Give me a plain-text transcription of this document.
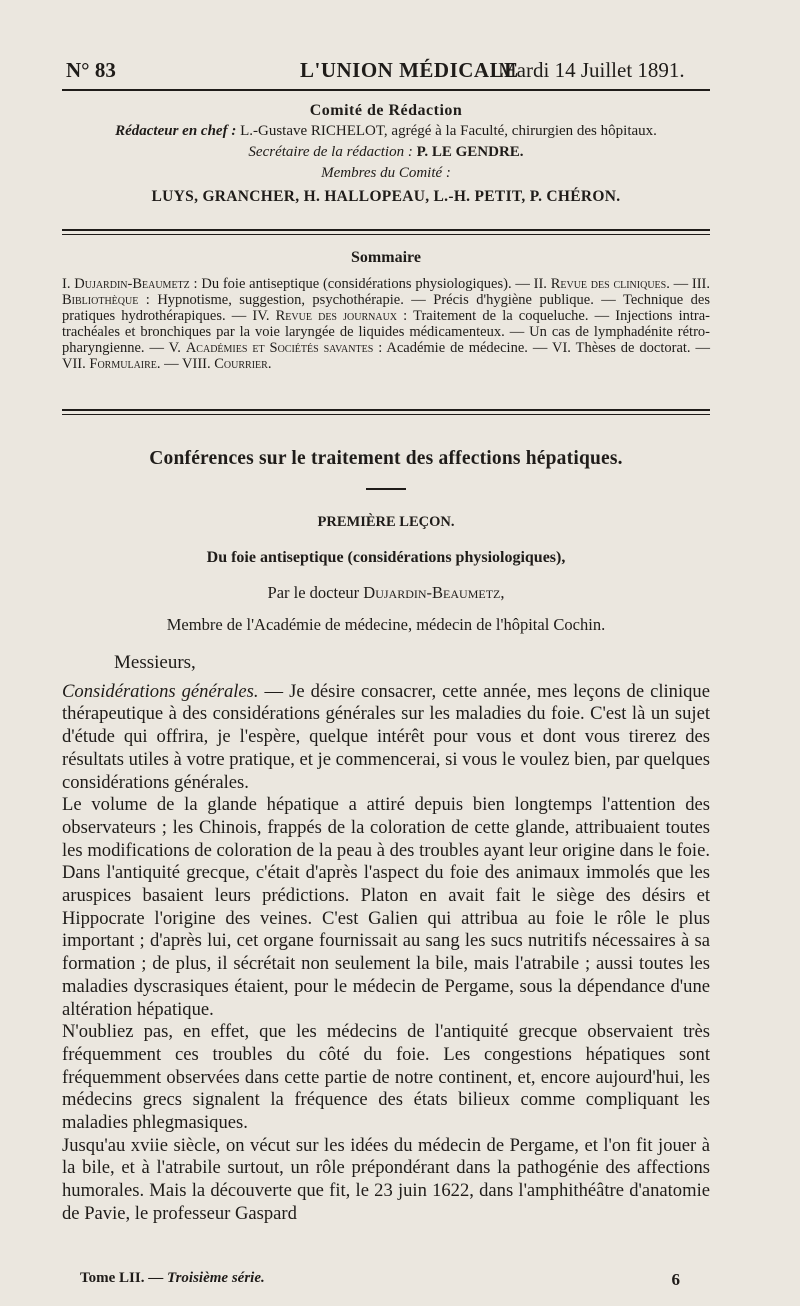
N° 83	L'UNION MÉDICALE
Mardi 14 Juillet 1891.
Comité de Rédaction
Rédacteur en chef : L.-Gustave RICHELOT, agrégé à la Faculté, chirurgien des hôpitaux.
Secrétaire de la rédaction : P. LE GENDRE.
Membres du Comité :
LUYS, GRANCHER, H. HALLOPEAU, L.-H. PETIT, P. CHÉRON.
Sommaire
I. Dujardin-Beaumetz : Du foie antiseptique (considérations physiologiques). — II. Revue des cliniques. — III. Bibliothèque : Hypnotisme, suggestion, psychothérapie. — Précis d'hygiène publique. — Technique des pratiques hydrothérapiques. — IV. Revue des journaux : Traitement de la coqueluche. — Injections intra-trachéales et bronchiques par la voie laryngée de liquides médicamenteux. — Un cas de lymphadénite rétro-pharyngienne. — V. Académies et Sociétés savantes : Académie de médecine. — VI. Thèses de doctorat. — VII. Formulaire. — VIII. Courrier.
Conférences sur le traitement des affections hépatiques.
PREMIÈRE LEÇON.
Du foie antiseptique (considérations physiologiques),
Par le docteur Dujardin-Beaumetz,
Membre de l'Académie de médecine, médecin de l'hôpital Cochin.

Messieurs,

Considérations générales. — Je désire consacrer, cette année, mes leçons de clinique thérapeutique à des considérations générales sur les maladies du foie. C'est là un sujet d'étude qui offrira, je l'espère, quelque intérêt pour vous et dont vous tirerez des résultats utiles à votre pratique, et je commencerai, si vous le voulez bien, par quelques considérations générales.

Le volume de la glande hépatique a attiré depuis bien longtemps l'attention des observateurs ; les Chinois, frappés de la coloration de cette glande, attribuaient toutes les modifications de coloration de la peau à des troubles ayant leur origine dans le foie. Dans l'antiquité grecque, c'était d'après l'aspect du foie des animaux immolés que les aruspices basaient leurs prédictions. Platon en avait fait le siège des désirs et Hippocrate l'origine des veines. C'est Galien qui attribua au foie le rôle le plus important ; d'après lui, cet organe fournissait au sang les sucs nutritifs nécessaires à sa formation ; de plus, il sécrétait non seulement la bile, mais l'atrabile ; aussi toutes les maladies dyscrasiques étaient, pour le médecin de Pergame, sous la dépendance d'une altération hépatique.

N'oubliez pas, en effet, que les médecins de l'antiquité grecque observaient très fréquemment ces troubles du côté du foie. Les congestions hépatiques sont fréquemment observées dans cette partie de notre continent, et, encore aujourd'hui, les médecins grecs signalent la fréquence des états bilieux comme compliquant les maladies phlegmasiques.

Jusqu'au xviie siècle, on vécut sur les idées du médecin de Pergame, et l'on fit jouer à la bile, et à l'atrabile surtout, un rôle prépondérant dans la pathogénie des affections humorales. Mais la découverte que fit, le 23 juin 1622, dans l'amphithéâtre d'anatomie de Pavie, le professeur Gaspard

Tome LII. — Troisième série.	6
